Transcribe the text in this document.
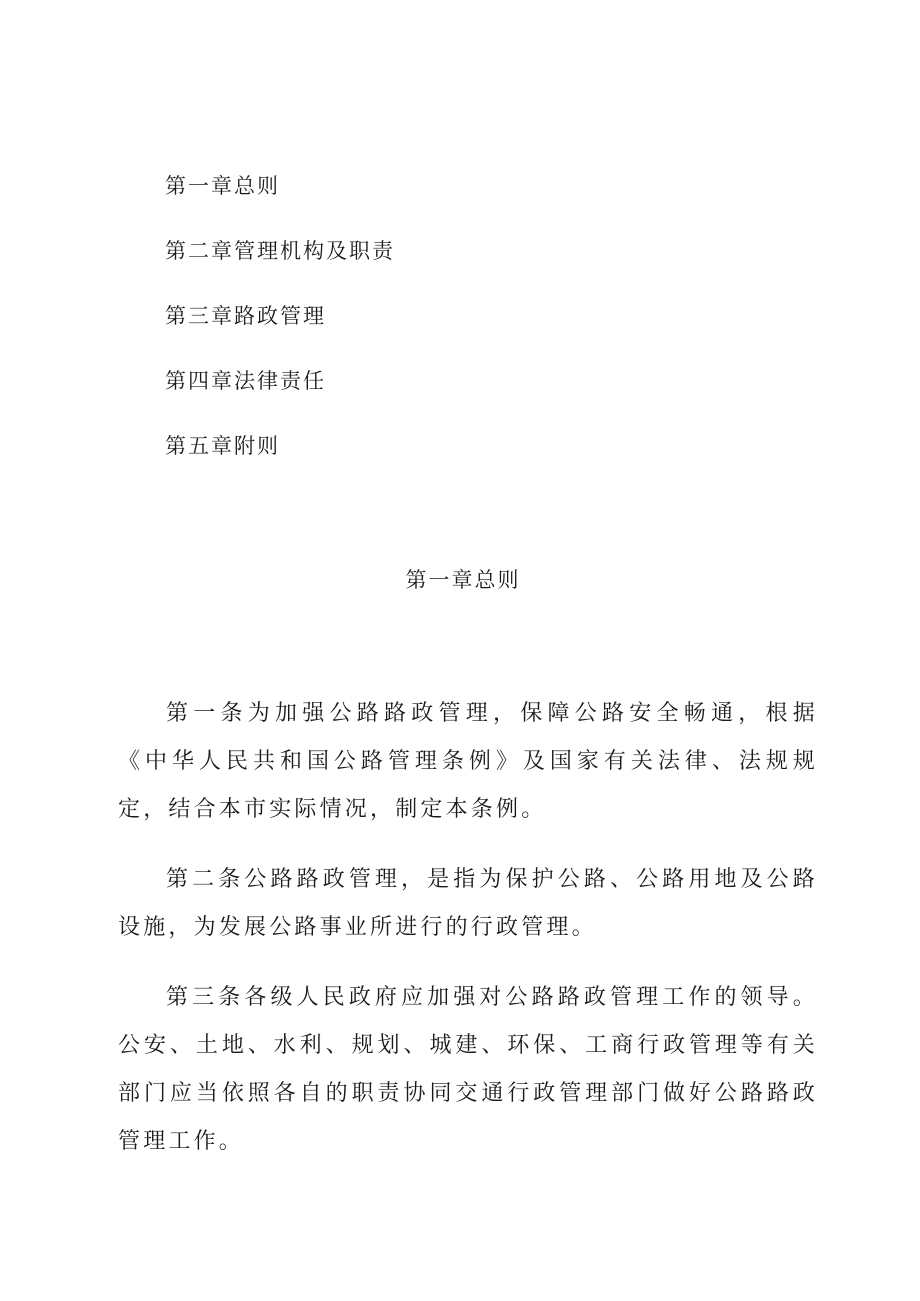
第一章总则
第二章管理机构及职责
第三章路政管理
第四章法律责任
第五章附则
第一章总则

第一条为加强公路路政管理，保障公路安全畅通，根据《中华人民共和国公路管理条例》及国家有关法律、法规规定，结合本市实际情况，制定本条例。

第二条公路路政管理，是指为保护公路、公路用地及公路设施，为发展公路事业所进行的行政管理。

第三条各级人民政府应加强对公路路政管理工作的领导。公安、土地、水利、规划、城建、环保、工商行政管理等有关部门应当依照各自的职责协同交通行政管理部门做好公路路政管理工作。
